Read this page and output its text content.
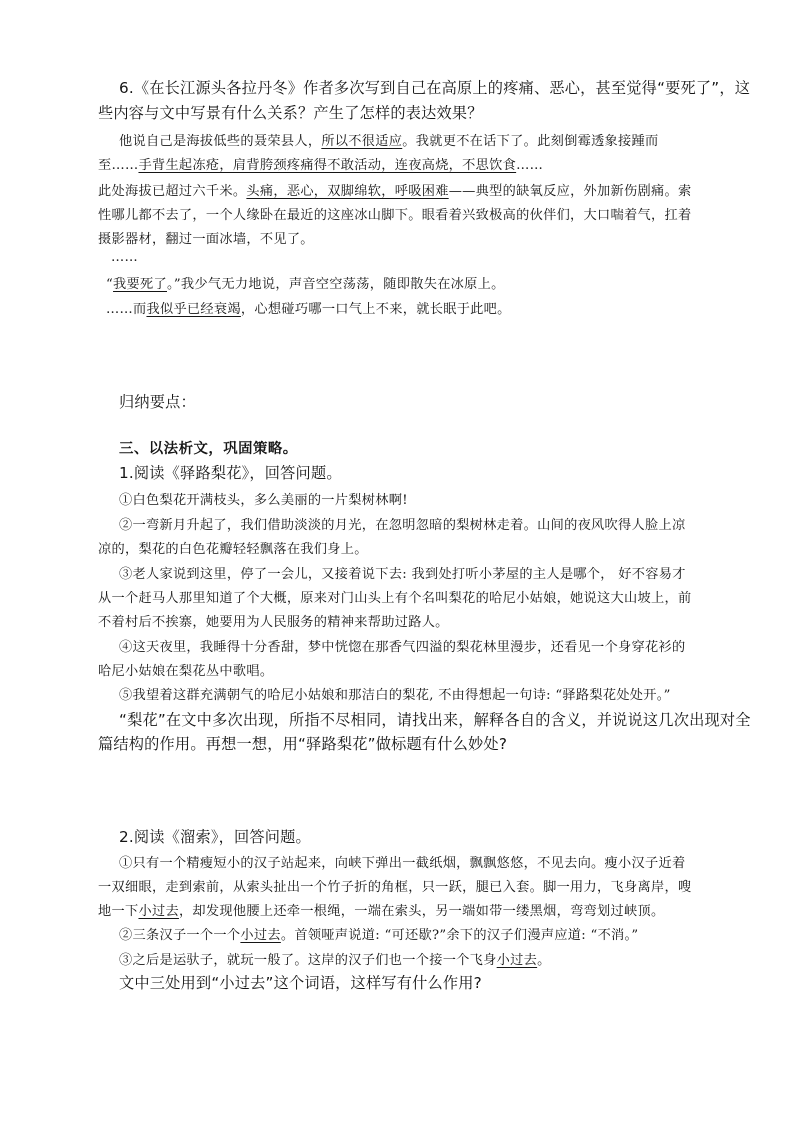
6.《在长江源头各拉丹冬》作者多次写到自己在高原上的疼痛、恶心，甚至觉得“要死了”，这
些内容与文中写景有什么关系？产生了怎样的表达效果？
他说自己是海拔低些的聂荣县人，所以不很适应。我就更不在话下了。此刻倒霉透象接踵而
至……手背生起冻疮，肩背胯颈疼痛得不敢活动，连夜高烧，不思饮食……
此处海拔已超过六千米。头痛，恶心，双脚绵软，呼吸困难——典型的缺氧反应，外加新伤剧痛。索
性哪儿都不去了，一个人缘卧在最近的这座冰山脚下。眼看着兴致极高的伙伴们，大口喘着气，扛着
摄影器材，翻过一面冰墙，不见了。
……
“我要死了。”我少气无力地说，声音空空荡荡，随即散失在冰原上。
……而我似乎已经衰竭，心想碰巧哪一口气上不来，就长眠于此吧。
归纳要点：
三、以法析文，巩固策略。
1.阅读《驿路梨花》，回答问题。
①白色梨花开满枝头，多么美丽的一片梨树林啊!
②一弯新月升起了，我们借助淡淡的月光，在忽明忽暗的梨树林走着。山间的夜风吹得人脸上凉
凉的，梨花的白色花瓣轻轻飘落在我们身上。
③老人家说到这里，停了一会儿，又接着说下去: 我到处打听小茅屋的主人是哪个， 好不容易才
从一个赶马人那里知道了个大概，原来对门山头上有个名叫梨花的哈尼小姑娘，她说这大山坡上，前
不着村后不挨寨，她要用为人民服务的精神来帮助过路人。
④这天夜里，我睡得十分香甜，梦中恍惚在那香气四溢的梨花林里漫步，还看见一个身穿花衫的
哈尼小姑娘在梨花丛中歌唱。
⑤我望着这群充满朝气的哈尼小姑娘和那洁白的梨花, 不由得想起一句诗: “驿路梨花处处开。”
“梨花”在文中多次出现，所指不尽相同，请找出来，解释各自的含义，并说说这几次出现对全
篇结构的作用。再想一想，用“驿路梨花”做标题有什么妙处?
2.阅读《溜索》，回答问题。
①只有一个精瘦短小的汉子站起来，向峡下弹出一截纸烟，飘飘悠悠，不见去向。瘦小汉子近着
一双细眼，走到索前，从索头扯出一个竹子折的角框，只一跃，腿已入套。脚一用力，飞身离岸，嗖
地一下小过去，却发现他腰上还牵一根绳，一端在索头，另一端如带一缕黑烟，弯弯划过峡顶。
②三条汉子一个一个小过去。首领哑声说道: “可还歇?”余下的汉子们漫声应道: “不消。”
③之后是运驮子，就玩一般了。这岸的汉子们也一个接一个飞身小过去。
文中三处用到“小过去”这个词语，这样写有什么作用?
